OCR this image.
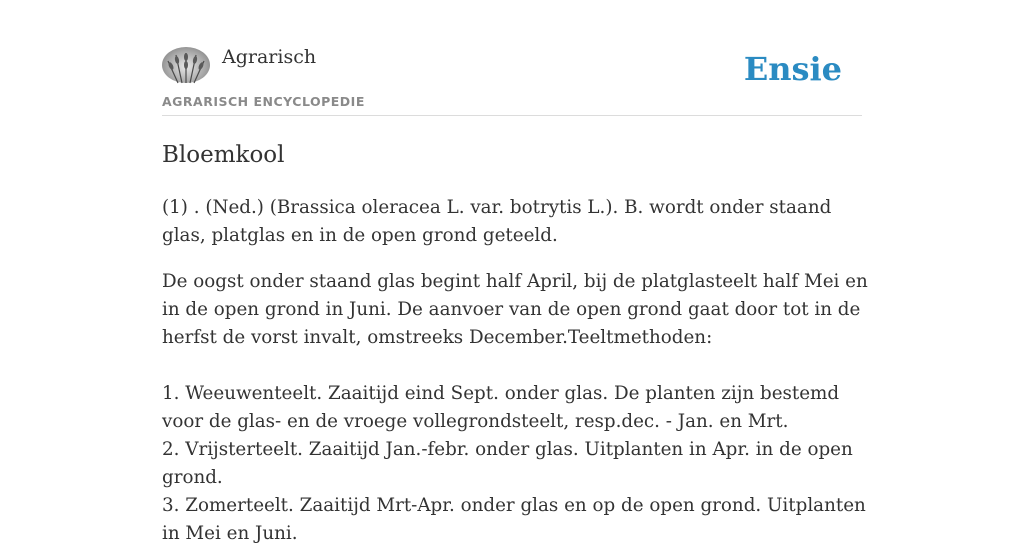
Agrarisch
AGRARISCH ENCYCLOPEDIE
Ensie
Bloemkool

(1) . (Ned.) (Brassica oleracea L. var. botrytis L.). B. wordt onder staand glas, platglas en in de open grond geteeld.

De oogst onder staand glas begint half April, bij de platglasteelt half Mei en in de open grond in Juni. De aanvoer van de open grond gaat door tot in de herfst de vorst invalt, omstreeks December.Teeltmethoden:

1. Weeuwenteelt. Zaaitijd eind Sept. onder glas. De planten zijn bestemd voor de glas- en de vroege vollegrondsteelt, resp.dec. - Jan. en Mrt.

2. Vrijsterteelt. Zaaitijd Jan.-febr. onder glas. Uitplanten in Apr. in de open grond.

3. Zomerteelt. Zaaitijd Mrt-Apr. onder glas en op de open grond. Uitplanten in Mei en Juni.
